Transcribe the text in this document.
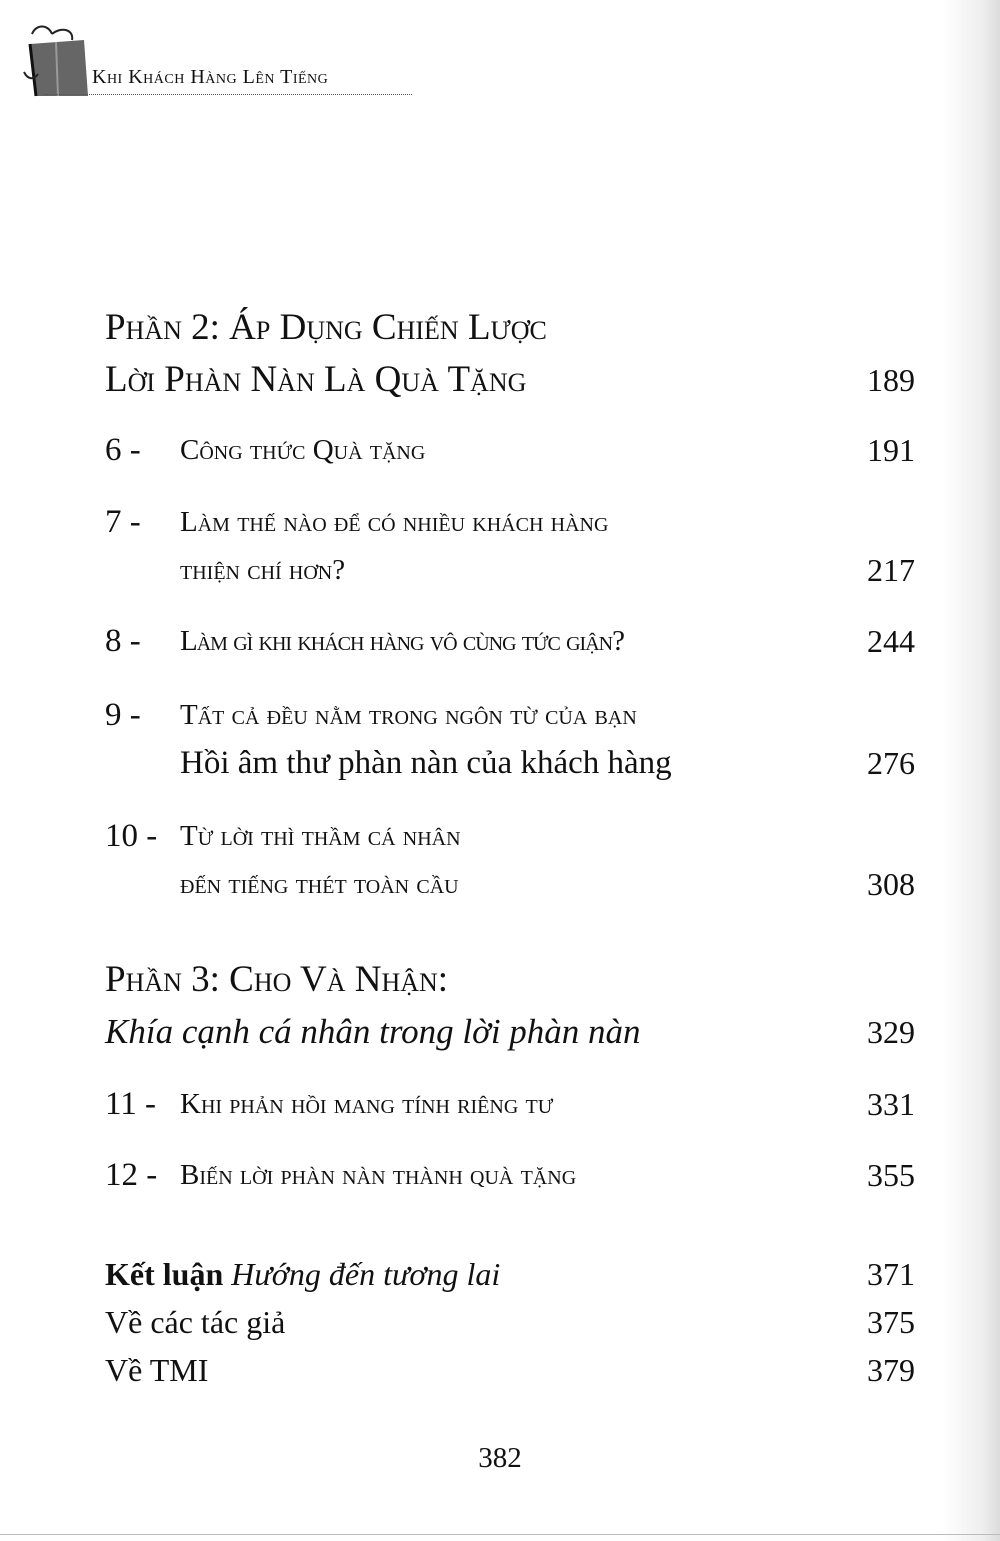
Khi Khách Hàng Lên Tiếng
Phần 2: Áp Dụng Chiến Lược
Lời Phàn Nàn Là Quà Tặng	189
6 - Công thức Quà tặng	191
7 - Làm thế nào để có nhiều khách hàng
thiện chí hơn?	217
8 - Làm gì khi khách hàng vô cùng tức giận?	244
9 - Tất cả đều nằm trong ngôn từ của bạn
Hồi âm thư phàn nàn của khách hàng	276
10 - Từ lời thì thầm cá nhân
đến tiếng thét toàn cầu	308
Phần 3: Cho Và Nhận:
Khía cạnh cá nhân trong lời phàn nàn	329
11 - Khi phản hồi mang tính riêng tư	331
12 - Biến lời phàn nàn thành quà tặng	355
Kết luận Hướng đến tương lai	371
Về các tác giả	375
Về TMI	379
382
